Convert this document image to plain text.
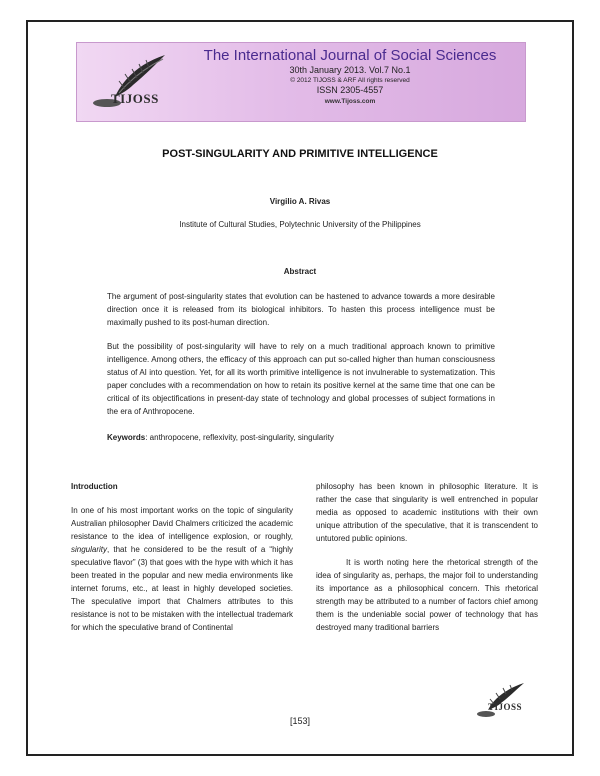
TIJOSS
The International Journal of Social Sciences
30th January 2013. Vol.7 No.1
© 2012 TIJOSS & ARF All rights reserved
ISSN 2305-4557
www.Tijoss.com
POST-SINGULARITY AND PRIMITIVE INTELLIGENCE
Virgilio A. Rivas
Institute of Cultural Studies, Polytechnic University of the Philippines
Abstract
The argument of post-singularity states that evolution can be hastened to advance towards a more desirable direction once it is released from its biological inhibitors. To hasten this process intelligence must be maximally pushed to its post-human direction.
But the possibility of post-singularity will have to rely on a much traditional approach known to primitive intelligence. Among others, the efficacy of this approach can put so-called higher than human consciousness status of AI into question. Yet, for all its worth primitive intelligence is not invulnerable to systematization. This paper concludes with a recommendation on how to retain its positive kernel at the same time that one can be critical of its objectifications in present-day state of technology and global processes of subject formations in the era of Anthropocene.
Keywords: anthropocene, reflexivity, post-singularity, singularity
Introduction

In one of his most important works on the topic of singularity Australian philosopher David Chalmers criticized the academic resistance to the idea of intelligence explosion, or roughly, singularity, that he considered to be the result of a “highly speculative flavor” (3) that goes with the hype with which it has been treated in the popular and new media environments like internet forums, etc., at least in highly developed societies. The speculative import that Chalmers attributes to this resistance is not to be mistaken with the intellectual trademark for which the speculative brand of Continental

philosophy has been known in philosophic literature. It is rather the case that singularity is well entrenched in popular media as opposed to academic institutions with their own unique attribution of the speculative, that it is transcendent to untutored public opinions.

It is worth noting here the rhetorical strength of the idea of singularity as, perhaps, the major foil to understanding its importance as a philosophical concern. This rhetorical strength may be attributed to a number of factors chief among them is the undeniable social power of technology that has destroyed many traditional barriers

TIJOSS
[153]
